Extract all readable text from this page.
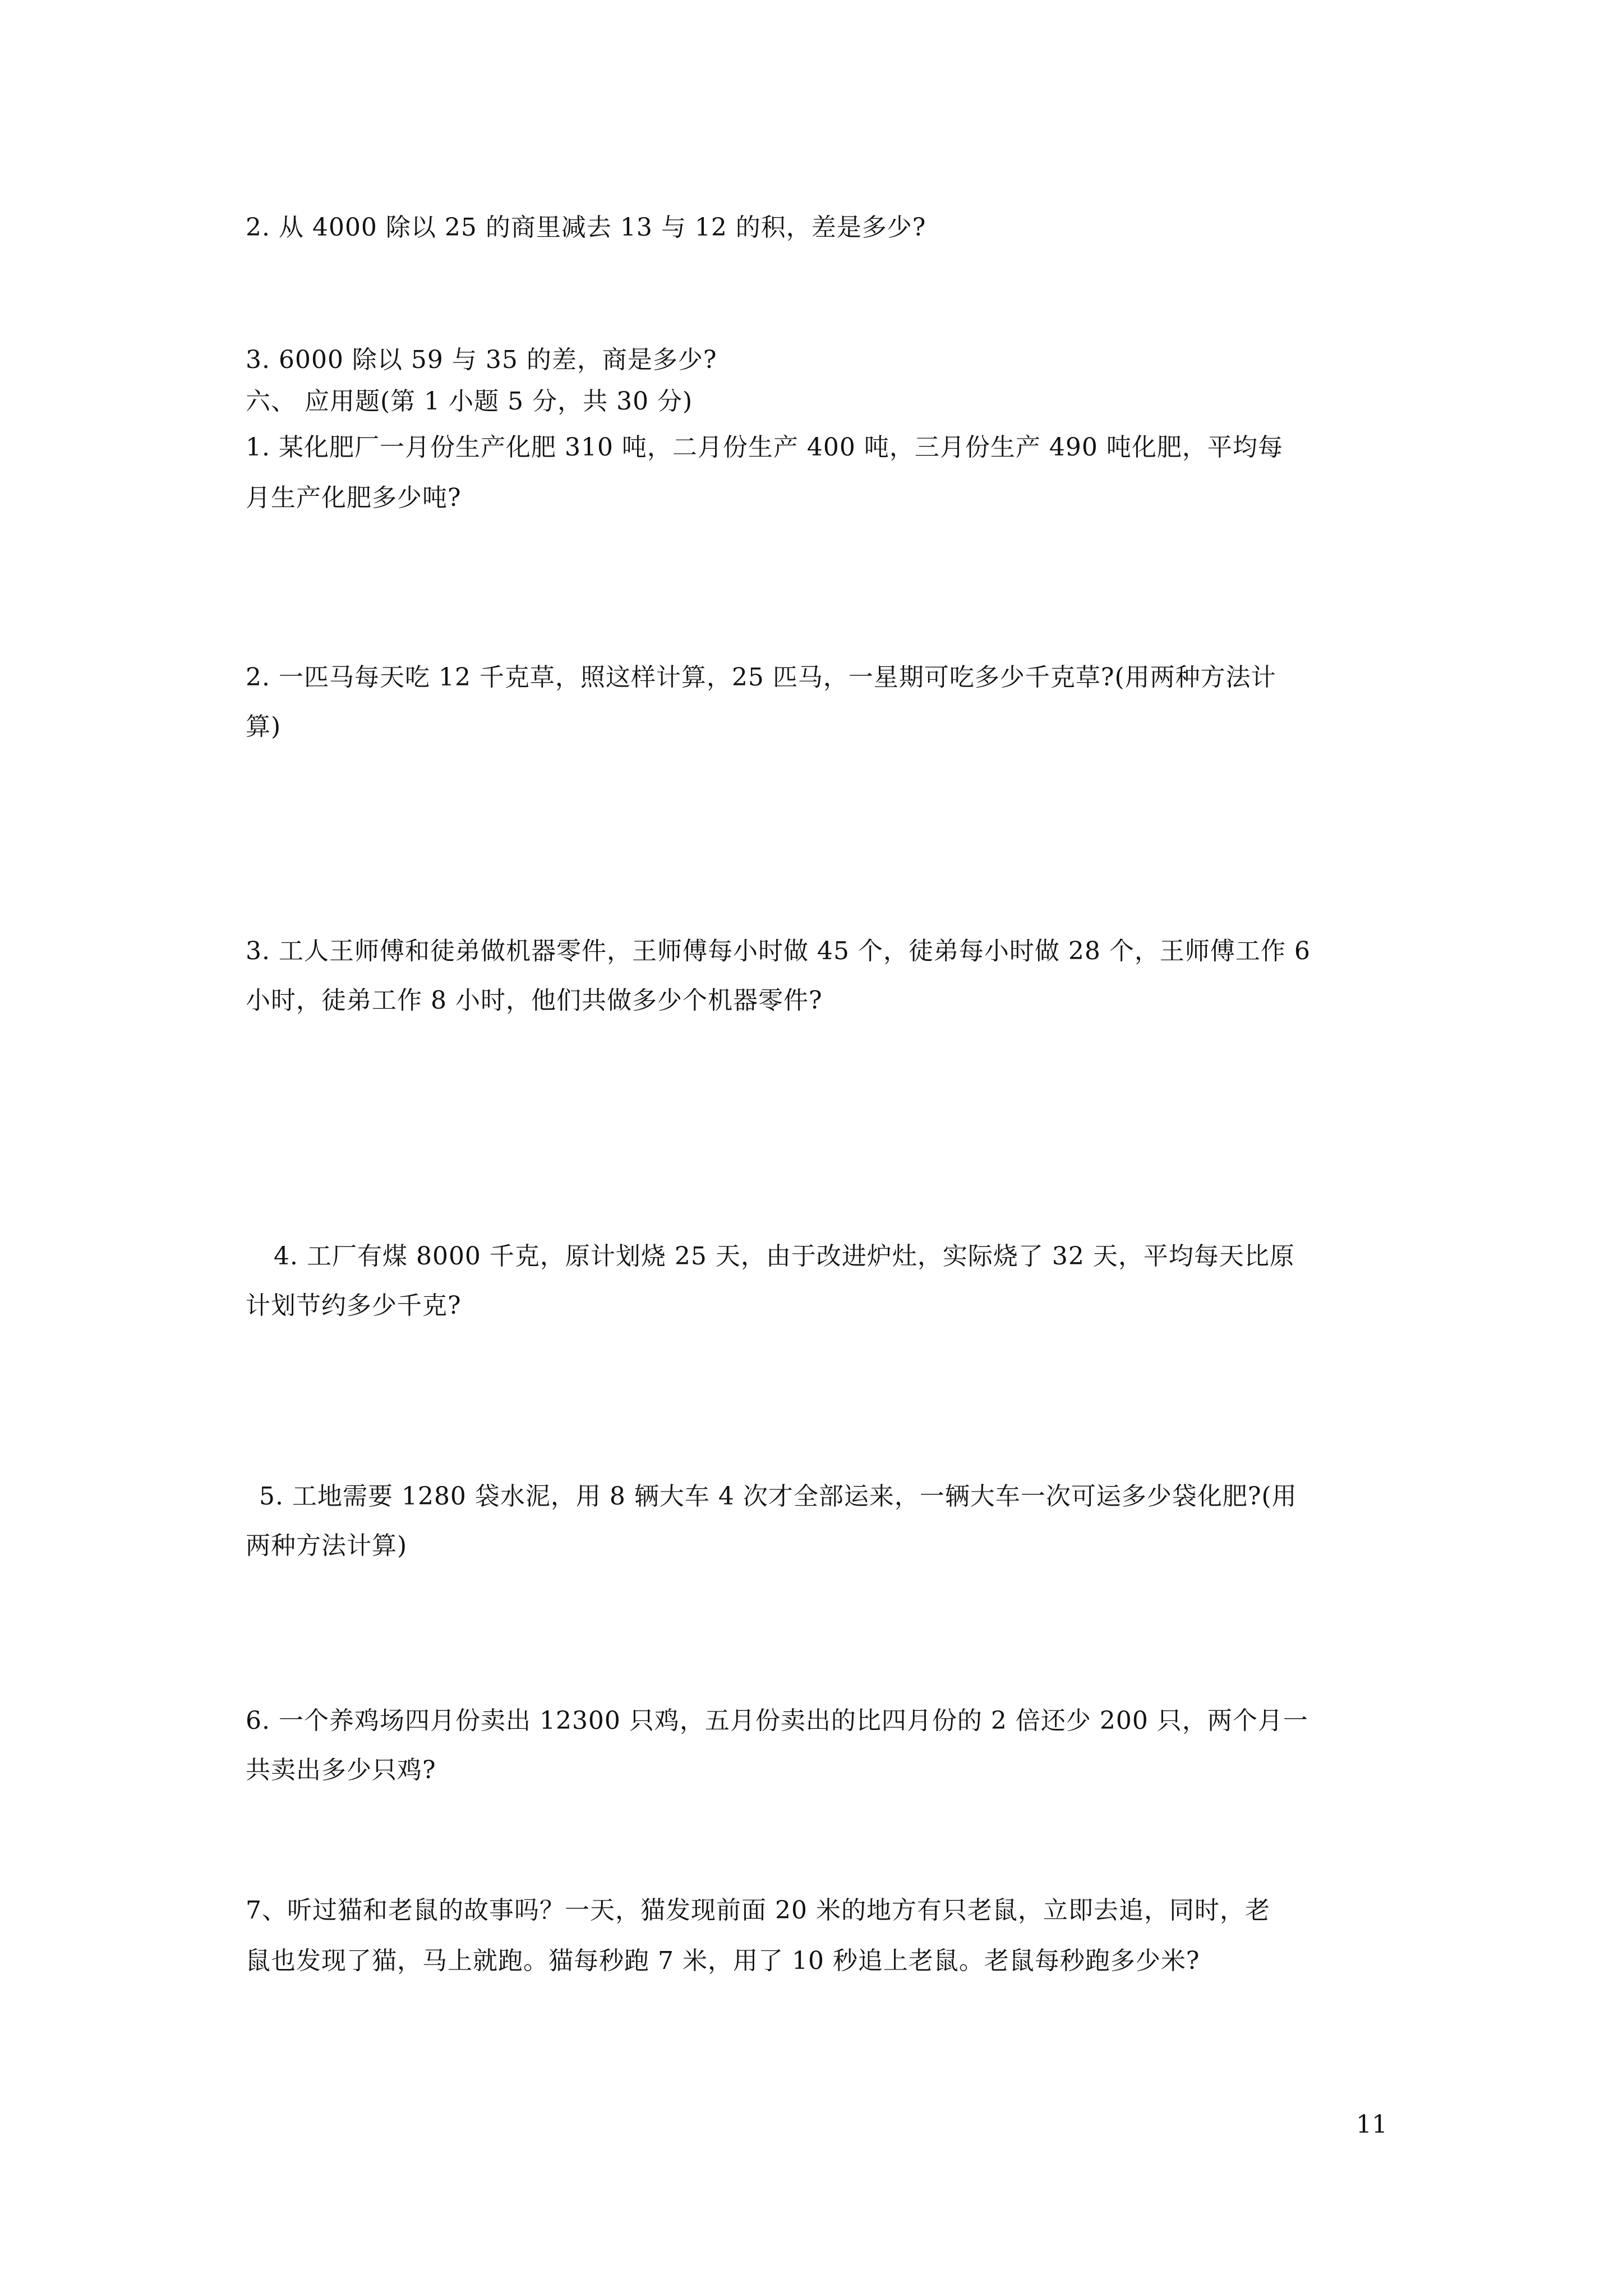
2. 从 4000 除以 25 的商里减去 13 与 12 的积，差是多少?
3. 6000 除以 59 与 35 的差，商是多少?
六、 应用题(第 1 小题 5 分，共 30 分)
1. 某化肥厂一月份生产化肥 310 吨，二月份生产 400 吨，三月份生产 490 吨化肥，平均每
月生产化肥多少吨?
2. 一匹马每天吃 12 千克草，照这样计算，25 匹马，一星期可吃多少千克草?(用两种方法计
算)
3. 工人王师傅和徒弟做机器零件，王师傅每小时做 45 个，徒弟每小时做 28 个，王师傅工作 6
小时，徒弟工作 8 小时，他们共做多少个机器零件?
4. 工厂有煤 8000 千克，原计划烧 25 天，由于改进炉灶，实际烧了 32 天，平均每天比原
计划节约多少千克?
5. 工地需要 1280 袋水泥，用 8 辆大车 4 次才全部运来，一辆大车一次可运多少袋化肥?(用
两种方法计算)
6. 一个养鸡场四月份卖出 12300 只鸡，五月份卖出的比四月份的 2 倍还少 200 只，两个月一
共卖出多少只鸡?
7、听过猫和老鼠的故事吗？一天，猫发现前面 20 米的地方有只老鼠，立即去追，同时，老
鼠也发现了猫，马上就跑。猫每秒跑 7 米，用了 10 秒追上老鼠。老鼠每秒跑多少米?
11
